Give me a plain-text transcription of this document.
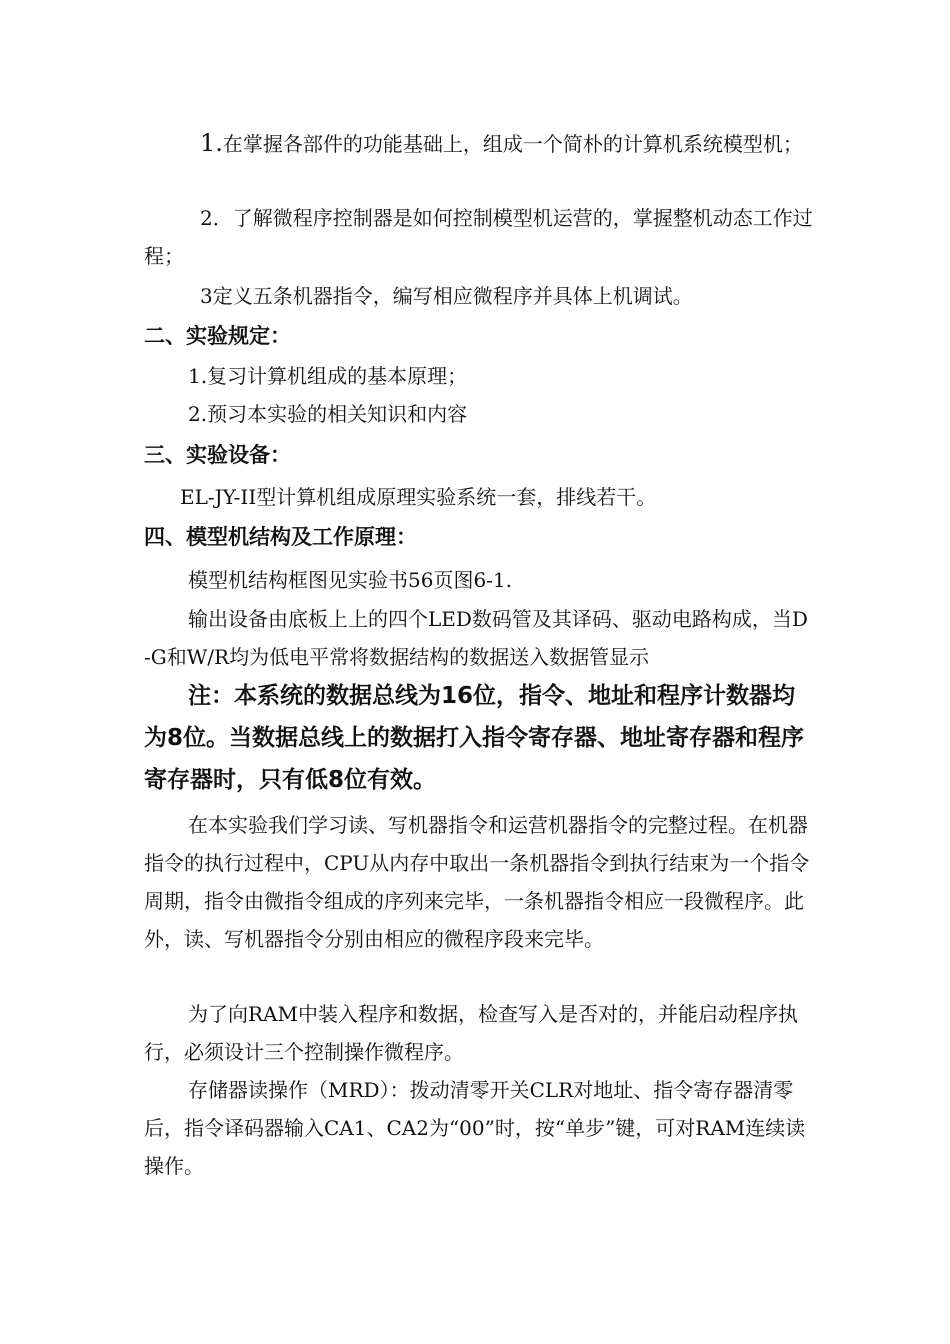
1.在掌握各部件的功能基础上，组成一个简朴的计算机系统模型机；
2．了解微程序控制器是如何控制模型机运营的，掌握整机动态工作过程；
3定义五条机器指令，编写相应微程序并具体上机调试。
二、实验规定：
1.复习计算机组成的基本原理；
2.预习本实验的相关知识和内容
三、实验设备：
EL-JY-II型计算机组成原理实验系统一套，排线若干。
四、模型机结构及工作原理：
模型机结构框图见实验书56页图6-1.
输出设备由底板上上的四个LED数码管及其译码、驱动电路构成，当D-G和W/R均为低电平常将数据结构的数据送入数据管显示
注：本系统的数据总线为16位，指令、地址和程序计数器均为8位。当数据总线上的数据打入指令寄存器、地址寄存器和程序寄存器时，只有低8位有效。
在本实验我们学习读、写机器指令和运营机器指令的完整过程。在机器指令的执行过程中，CPU从内存中取出一条机器指令到执行结束为一个指令周期，指令由微指令组成的序列来完毕，一条机器指令相应一段微程序。此外，读、写机器指令分别由相应的微程序段来完毕。
为了向RAM中装入程序和数据，检查写入是否对的，并能启动程序执行，必须设计三个控制操作微程序。
存储器读操作（MRD）：拨动清零开关CLR对地址、指令寄存器清零后，指令译码器输入CA1、CA2为“00”时，按“单步”键，可对RAM连续读操作。
